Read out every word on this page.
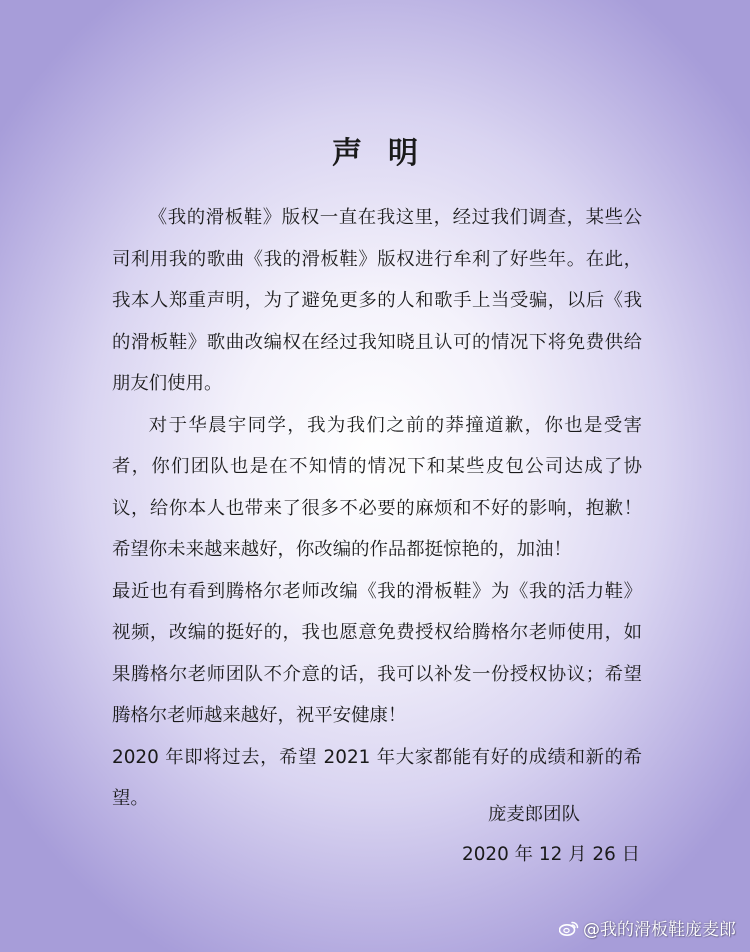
声明

《我的滑板鞋》版权一直在我这里，经过我们调查，某些公司利用我的歌曲《我的滑板鞋》版权进行牟利了好些年。在此，我本人郑重声明，为了避免更多的人和歌手上当受骗，以后《我的滑板鞋》歌曲改编权在经过我知晓且认可的情况下将免费供给朋友们使用。

对于华晨宇同学，我为我们之前的莽撞道歉，你也是受害者，你们团队也是在不知情的情况下和某些皮包公司达成了协议，给你本人也带来了很多不必要的麻烦和不好的影响，抱歉！希望你未来越来越好，你改编的作品都挺惊艳的，加油！

最近也有看到腾格尔老师改编《我的滑板鞋》为《我的活力鞋》视频，改编的挺好的，我也愿意免费授权给腾格尔老师使用，如果腾格尔老师团队不介意的话，我可以补发一份授权协议；希望腾格尔老师越来越好，祝平安健康！

2020 年即将过去，希望 2021 年大家都能有好的成绩和新的希望。

庞麦郎团队
2020 年 12 月 26 日
@我的滑板鞋庞麦郎
